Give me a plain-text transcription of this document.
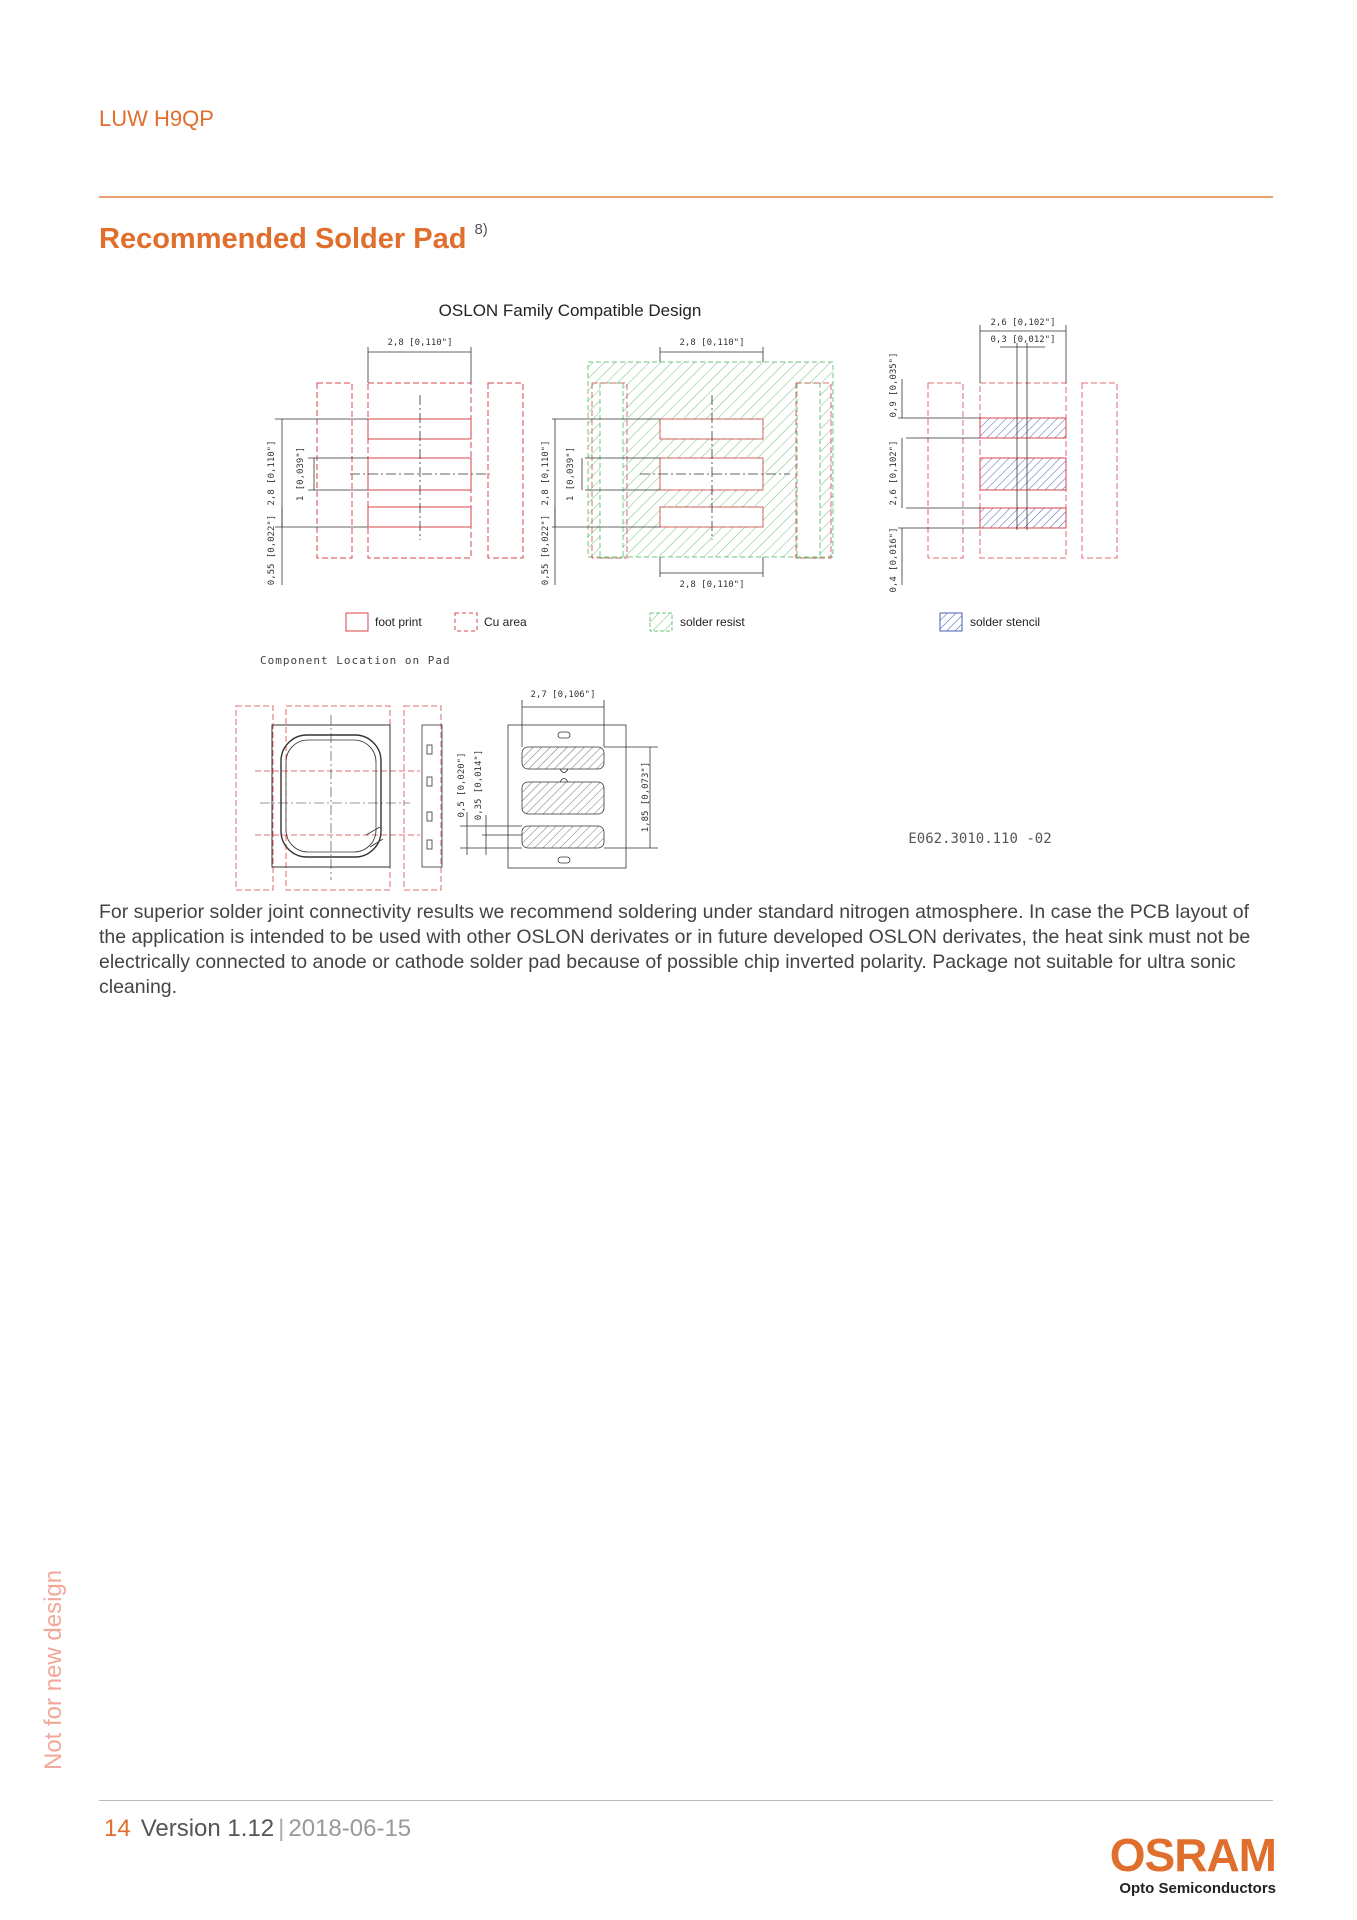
LUW H9QP
Recommended Solder Pad $^{8)}$
OSLON Family Compatible Design
2,8 [0,110"]
2,8 [0,110"] 1 [0,039"]
0,55 [0,022"]
2,8 [0,110"]
2,8 [0,110"] 1 [0,039"]
0,55 [0,022"]	2,8 [0,110"]
2,6 [0,102"]
0,3 [0,012"]
0,9 [0,035"]
2,6 [0,102"]
0,4 [0,016"]
foot print	Cu area	solder resist	solder stencil
Component Location on Pad
2,7 [0,106"]
0,5 [0,020"] 0,35 [0,014"]	1,85 [0,073"]
E062.3010.110 -02
For superior solder joint connectivity results we recommend soldering under standard nitrogen atmosphere. In case the PCB layout of the application is intended to be used with other OSLON derivates or in future developed OSLON derivates, the heat sink must not be electrically connected to anode or cathode solder pad because of possible chip inverted polarity. Package not suitable for ultra sonic cleaning.
Not for new design
14 Version 1.12 | 2018-06-15
OSRAM
Opto Semiconductors
